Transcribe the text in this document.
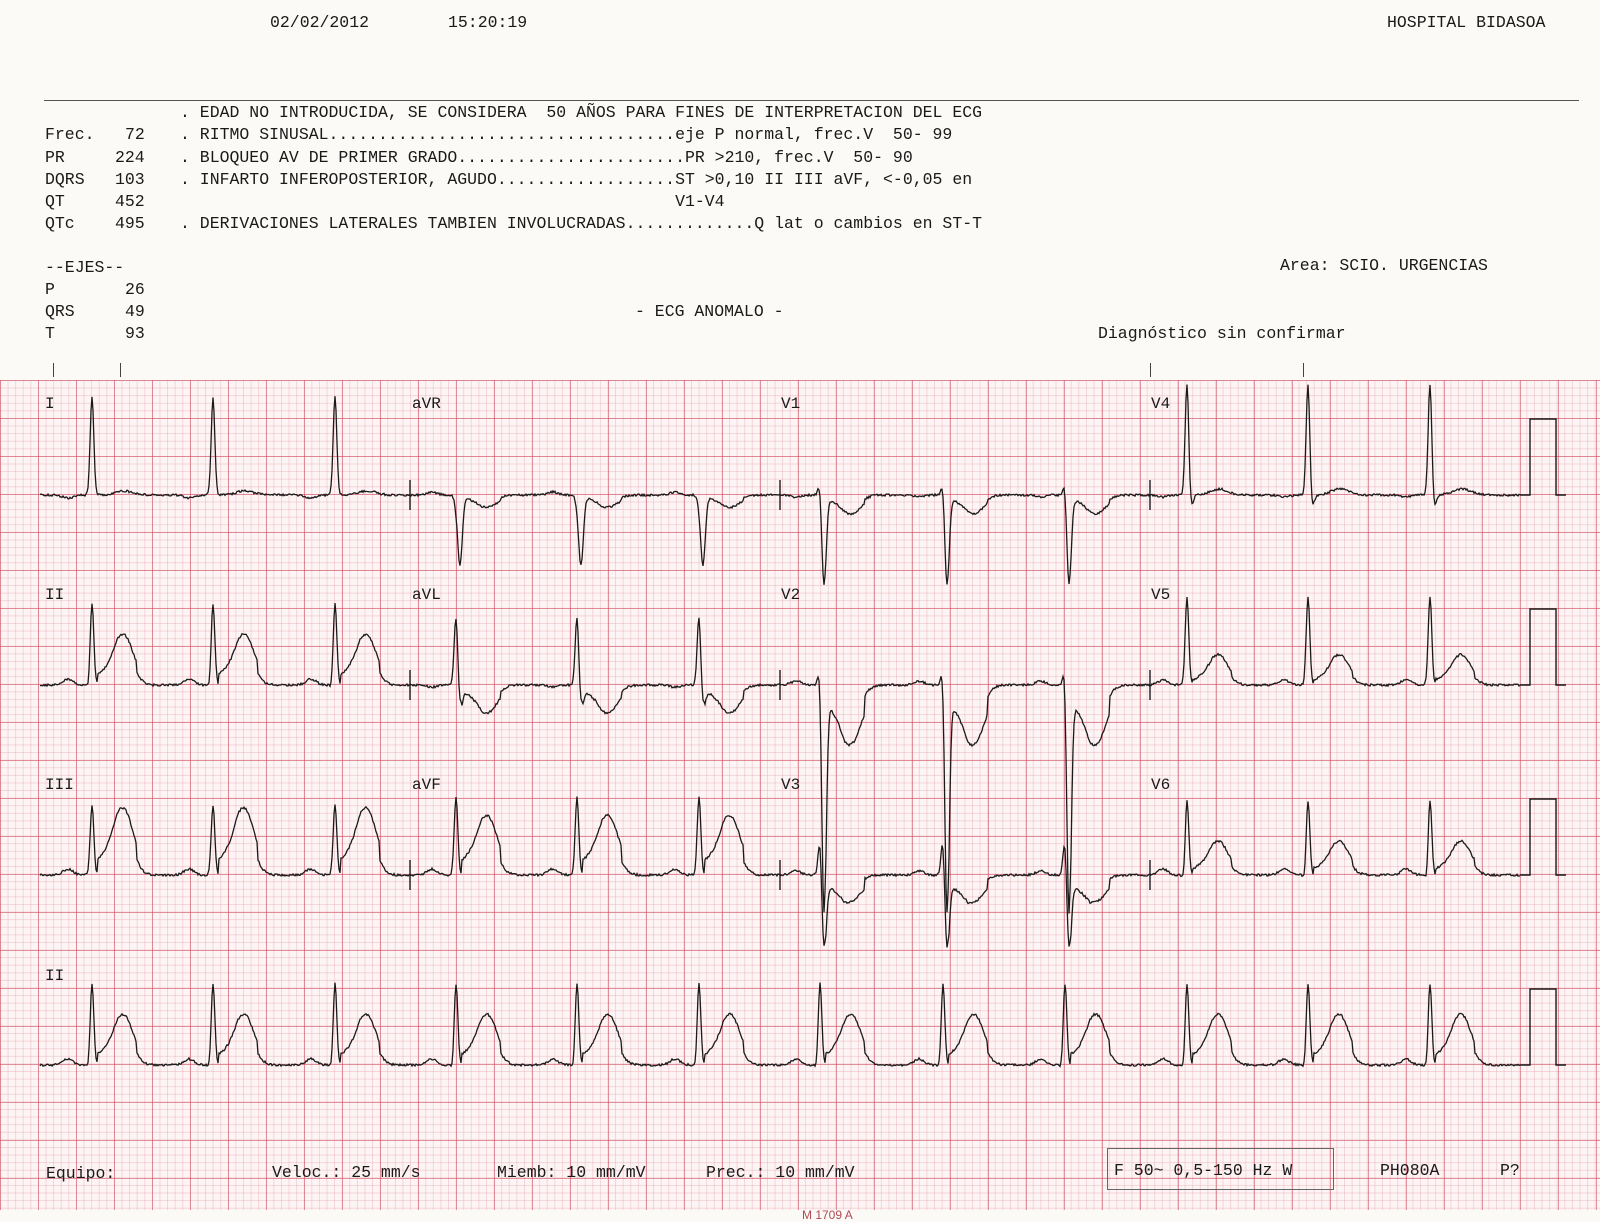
02/02/2012	15:20:19	HOSPITAL BIDASOA
Frec. 72
PR	224
DQRS 103
QT	452
QTc 495
. EDAD NO INTRODUCIDA, SE CONSIDERA  50 AÑOS PARA FINES DE INTERPRETACION DEL ECG
. RITMO SINUSAL...................................eje P normal, frec.V  50- 99
. BLOQUEO AV DE PRIMER GRADO.......................PR >210, frec.V  50- 90
. INFARTO INFEROPOSTERIOR, AGUDO..................ST >0,10 II III aVF, <-0,05 en
V1-V4
. DERIVACIONES LATERALES TAMBIEN INVOLUCRADAS.............Q lat o cambios en ST-T
--EJES--
P	26
QRS	49
T	93
Area: SCIO. URGENCIAS
- ECG ANOMALO -
Diagnóstico sin confirmar
I	aVR	V1	V4
II	aVL	V2	V5
III	aVF	V3	V6
II
Equipo:	Veloc.: 25 mm/s	Miemb: 10 mm/mV	Prec.: 10 mm/mV	F 50~ 0,5-150 Hz W	PH080A	P?
M 1709 A
